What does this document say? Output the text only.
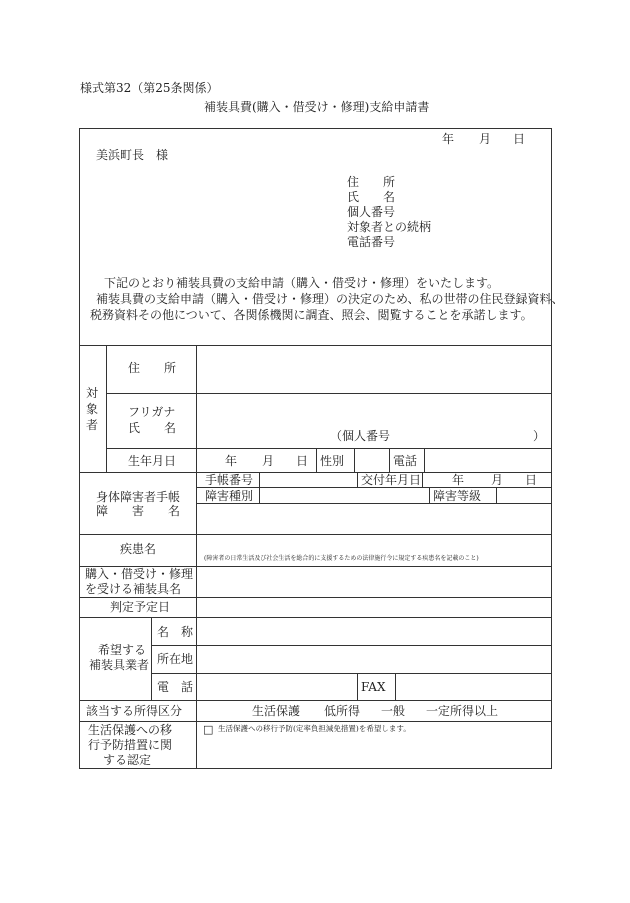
様式第32（第25条関係）
補装具費(購入・借受け・修理)支給申請書
年 月 日
美浜町長　様
住　　所
氏　　名
個人番号
対象者との続柄
電話番号
下記のとおり補装具費の支給申請（購入・借受け・修理）をいたします。
補装具費の支給申請（購入・借受け・修理）の決定のため、私の世帯の住民登録資料、
税務資料その他について、各関係機関に調査、照会、閲覧することを承諾します。
対
象
者
住　　所
フリガナ
氏　　名
（個人番号	）
生年月日	年 月 日 性別	電話
身体障害者手帳
障　　害　　名
手帳番号	交付年月日	年 月 日
障害種別	障害等級
疾患名
(障害者の日常生活及び社会生活を総合的に支援するための法律施行令に規定する疾患名を記載のこと)
購入・借受け・修理
を受ける補装具名
判定予定日
希望する
補装具業者
名　称
所在地
電　話	FAX
該当する所得区分	生活保護 低所得 一般 一定所得以上
生活保護への移
行予防措置に関
する認定
□ 生活保護への移行予防(定率負担減免措置)を希望します。
